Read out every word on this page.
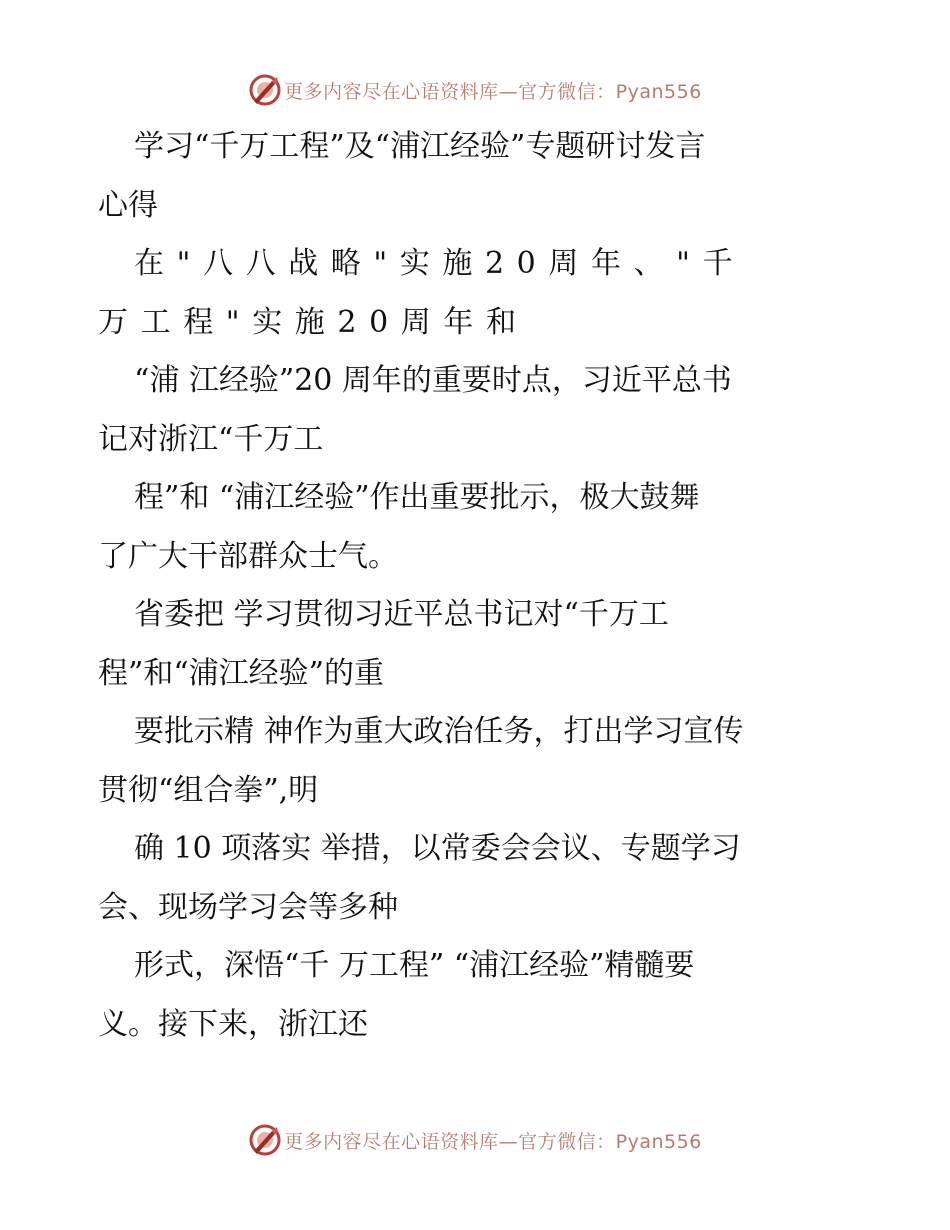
更多内容尽在心语资料库—官方微信：Pyan556
学习“千万工程”及“浦江经验”专题研讨发言
心得
在"八八战略"实施20周年、"千
万工程"实施20周年和
“浦 江经验”20 周年的重要时点，习近平总书
记对浙江“千万工
程”和 “浦江经验”作出重要批示，极大鼓舞
了广大干部群众士气。
省委把 学习贯彻习近平总书记对“千万工
程”和“浦江经验”的重
要批示精 神作为重大政治任务，打出学习宣传
贯彻“组合拳”,明
确 10 项落实 举措，以常委会会议、专题学习
会、现场学习会等多种
形式，深悟“千 万工程” “浦江经验”精髓要
义。接下来，浙江还
更多内容尽在心语资料库—官方微信：Pyan556
